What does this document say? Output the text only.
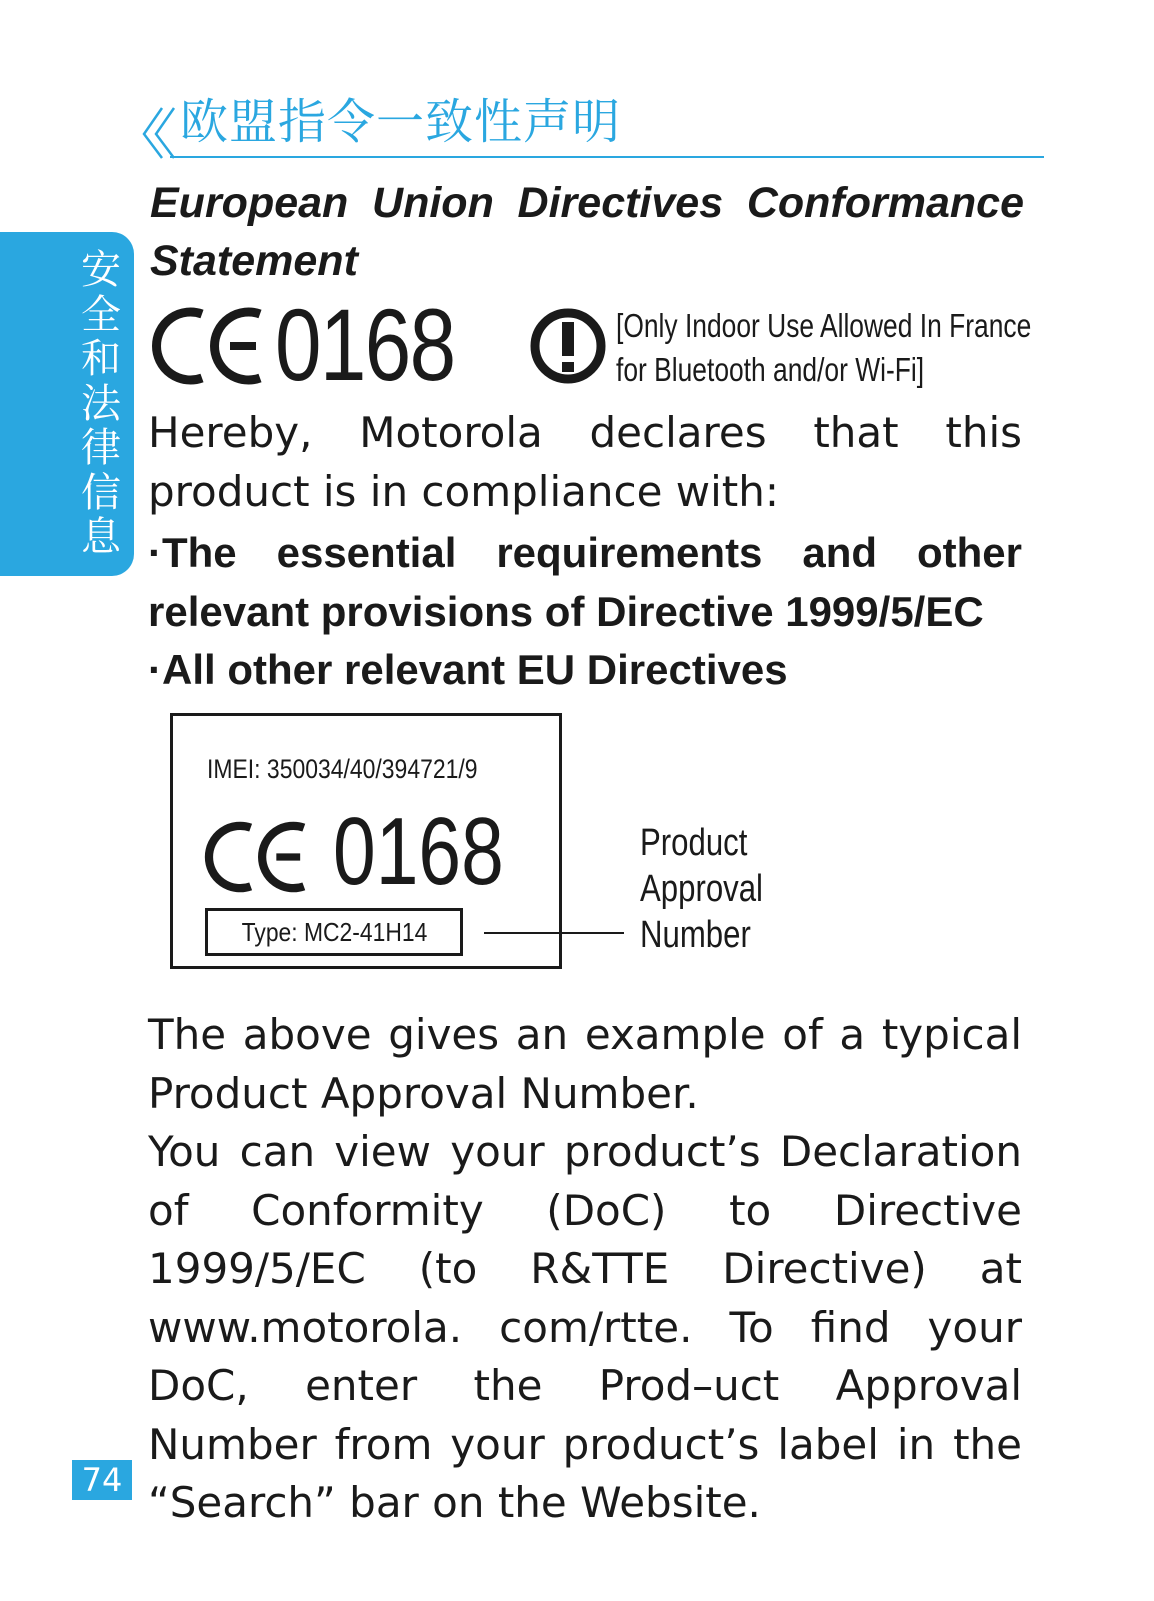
安
全
和
法
律
信
息
欧盟指令一致性声明
European Union Directives Conformance Statement
0168	[Only Indoor Use Allowed In France
for Bluetooth and/or Wi-Fi]
Hereby, Motorola declares that this product is in compliance with:
·The essential requirements and other relevant provisions of Directive 1999/5/EC
·All other relevant EU Directives
IMEI: 350034/40/394721/9
0168
Type: MC2-41H14
Product
Approval
Number
The above gives an example of a typical Product Approval Number.
You can view your product’s Declaration of Conformity (DoC) to Directive 1999/5/EC (to R&TTE Directive) at www.motorola. com/rtte. To find your DoC, enter the Prod–uct Approval Number from your product’s label in the “Search” bar on the Website.
74
